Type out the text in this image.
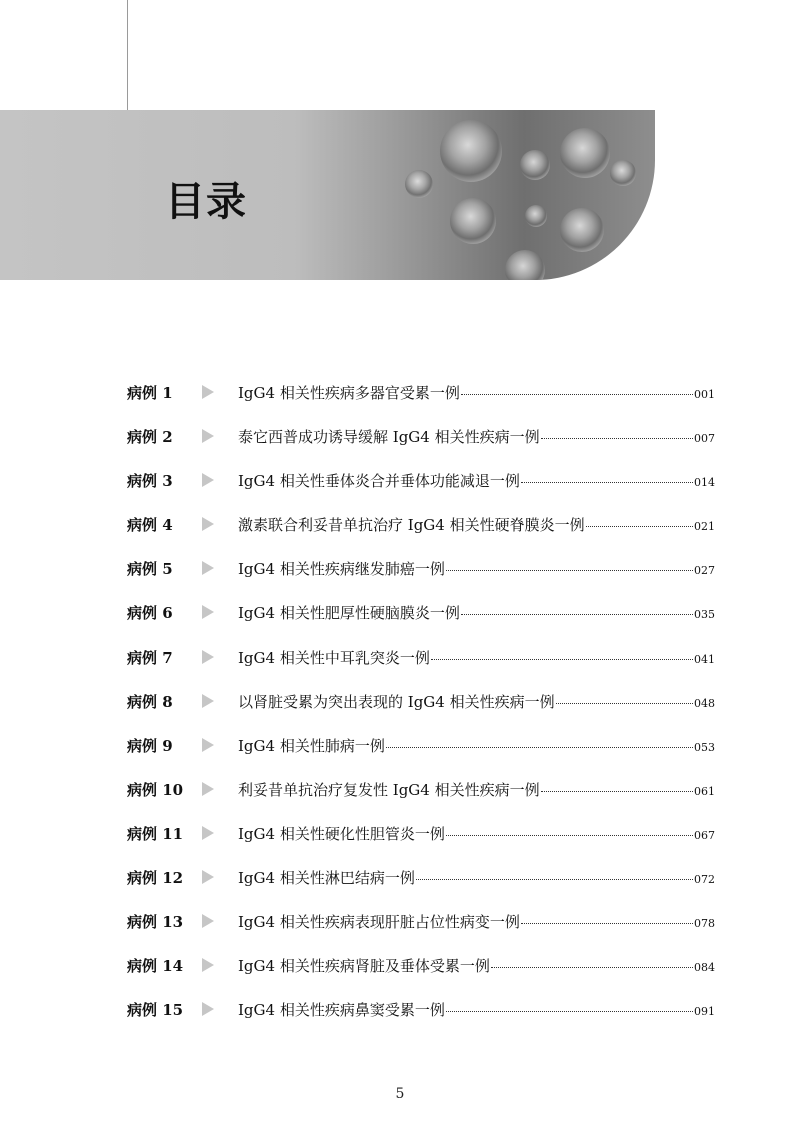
目录
病例 1	IgG4 相关性疾病多器官受累一例	001
病例 2	泰它西普成功诱导缓解 IgG4 相关性疾病一例	007
病例 3	IgG4 相关性垂体炎合并垂体功能减退一例	014
病例 4	激素联合利妥昔单抗治疗 IgG4 相关性硬脊膜炎一例	021
病例 5	IgG4 相关性疾病继发肺癌一例	027
病例 6	IgG4 相关性肥厚性硬脑膜炎一例	035
病例 7	IgG4 相关性中耳乳突炎一例	041
病例 8	以肾脏受累为突出表现的 IgG4 相关性疾病一例	048
病例 9	IgG4 相关性肺病一例	053
病例 10	利妥昔单抗治疗复发性 IgG4 相关性疾病一例	061
病例 11	IgG4 相关性硬化性胆管炎一例	067
病例 12	IgG4 相关性淋巴结病一例	072
病例 13	IgG4 相关性疾病表现肝脏占位性病变一例	078
病例 14	IgG4 相关性疾病肾脏及垂体受累一例	084
病例 15	IgG4 相关性疾病鼻窦受累一例	091
5
